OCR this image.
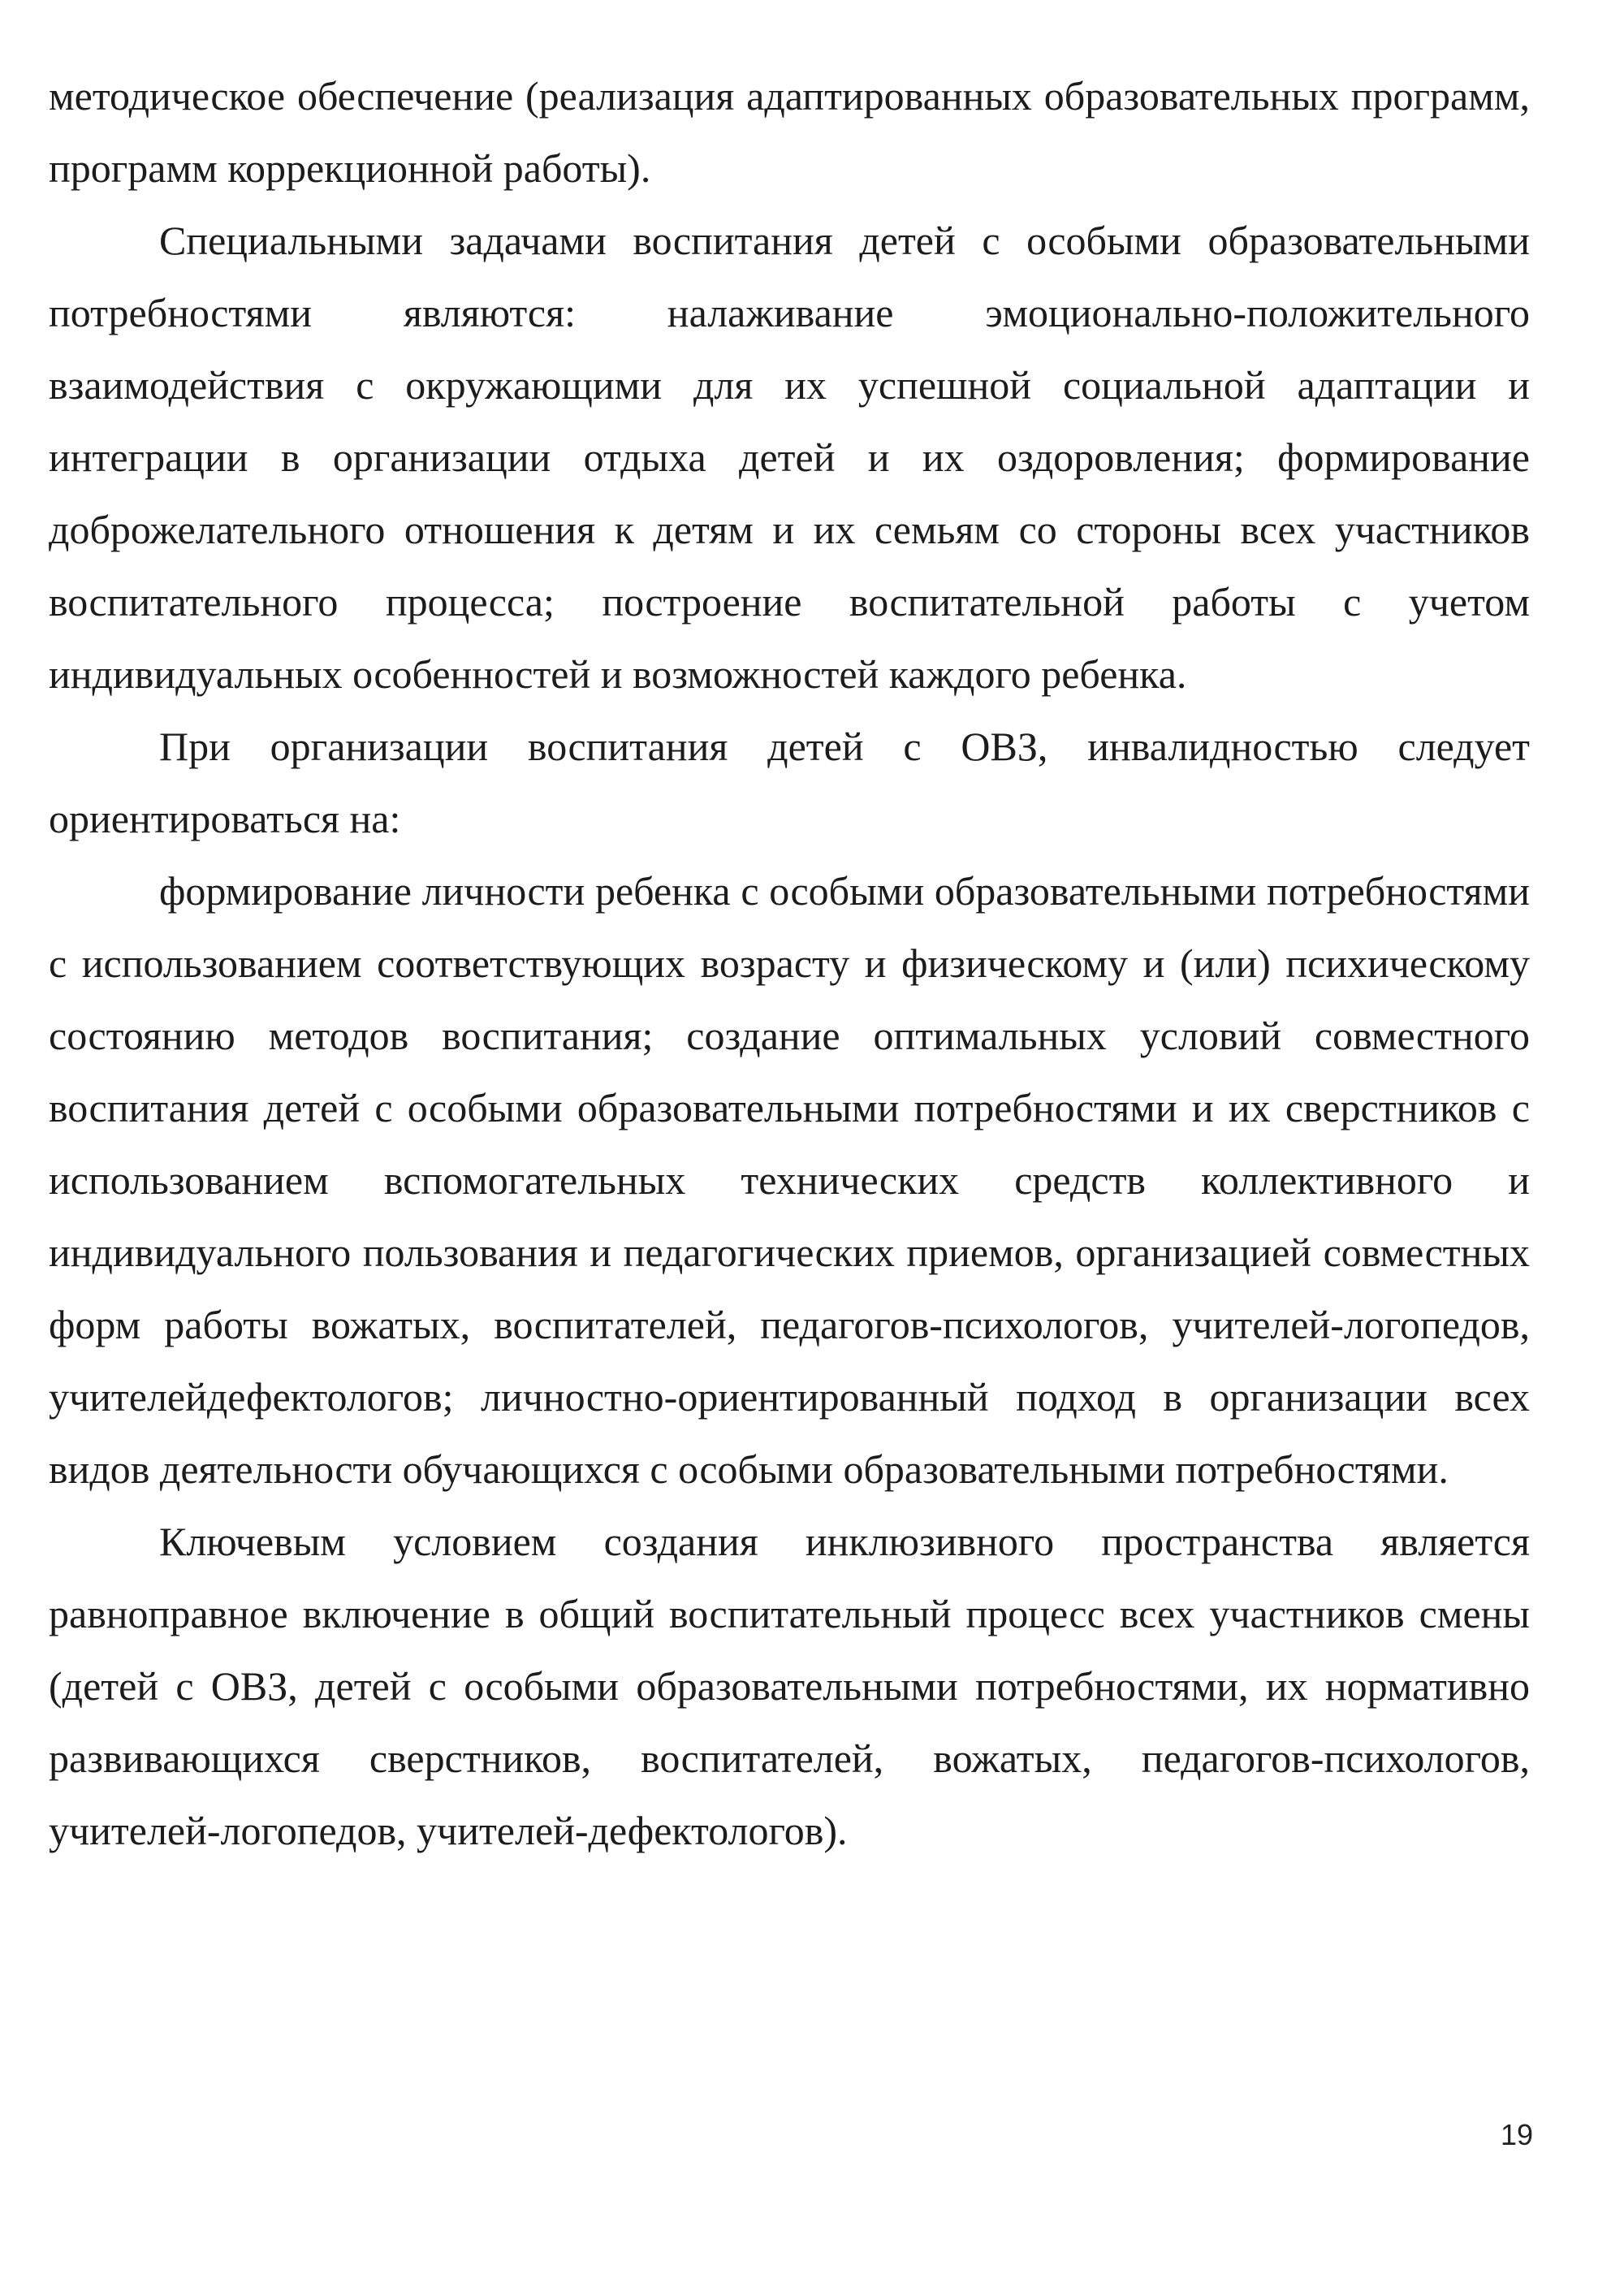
методическое обеспечение (реализация адаптированных образовательных программ, программ коррекционной работы).

Специальными задачами воспитания детей с особыми образовательными потребностями являются: налаживание эмоционально-положительного взаимодействия с окружающими для их успешной социальной адаптации и интеграции в организации отдыха детей и их оздоровления; формирование доброжелательного отношения к детям и их семьям со стороны всех участников воспитательного процесса; построение воспитательной работы с учетом индивидуальных особенностей и возможностей каждого ребенка.

При организации воспитания детей с ОВЗ, инвалидностью следует ориентироваться на:

формирование личности ребенка с особыми образовательными потребностями с использованием соответствующих возрасту и физическому и (или) психическому состоянию методов воспитания; создание оптимальных условий совместного воспитания детей с особыми образовательными потребностями и их сверстников с использованием вспомогательных технических средств коллективного и индивидуального пользования и педагогических приемов, организацией совместных форм работы вожатых, воспитателей, педагогов-психологов, учителей-логопедов, учителейдефектологов; личностно-ориентированный подход в организации всех видов деятельности обучающихся с особыми образовательными потребностями.

Ключевым условием создания инклюзивного пространства является равноправное включение в общий воспитательный процесс всех участников смены (детей с ОВЗ, детей с особыми образовательными потребностями, их нормативно развивающихся сверстников, воспитателей, вожатых, педагогов-психологов, учителей-логопедов, учителей-дефектологов).

19
